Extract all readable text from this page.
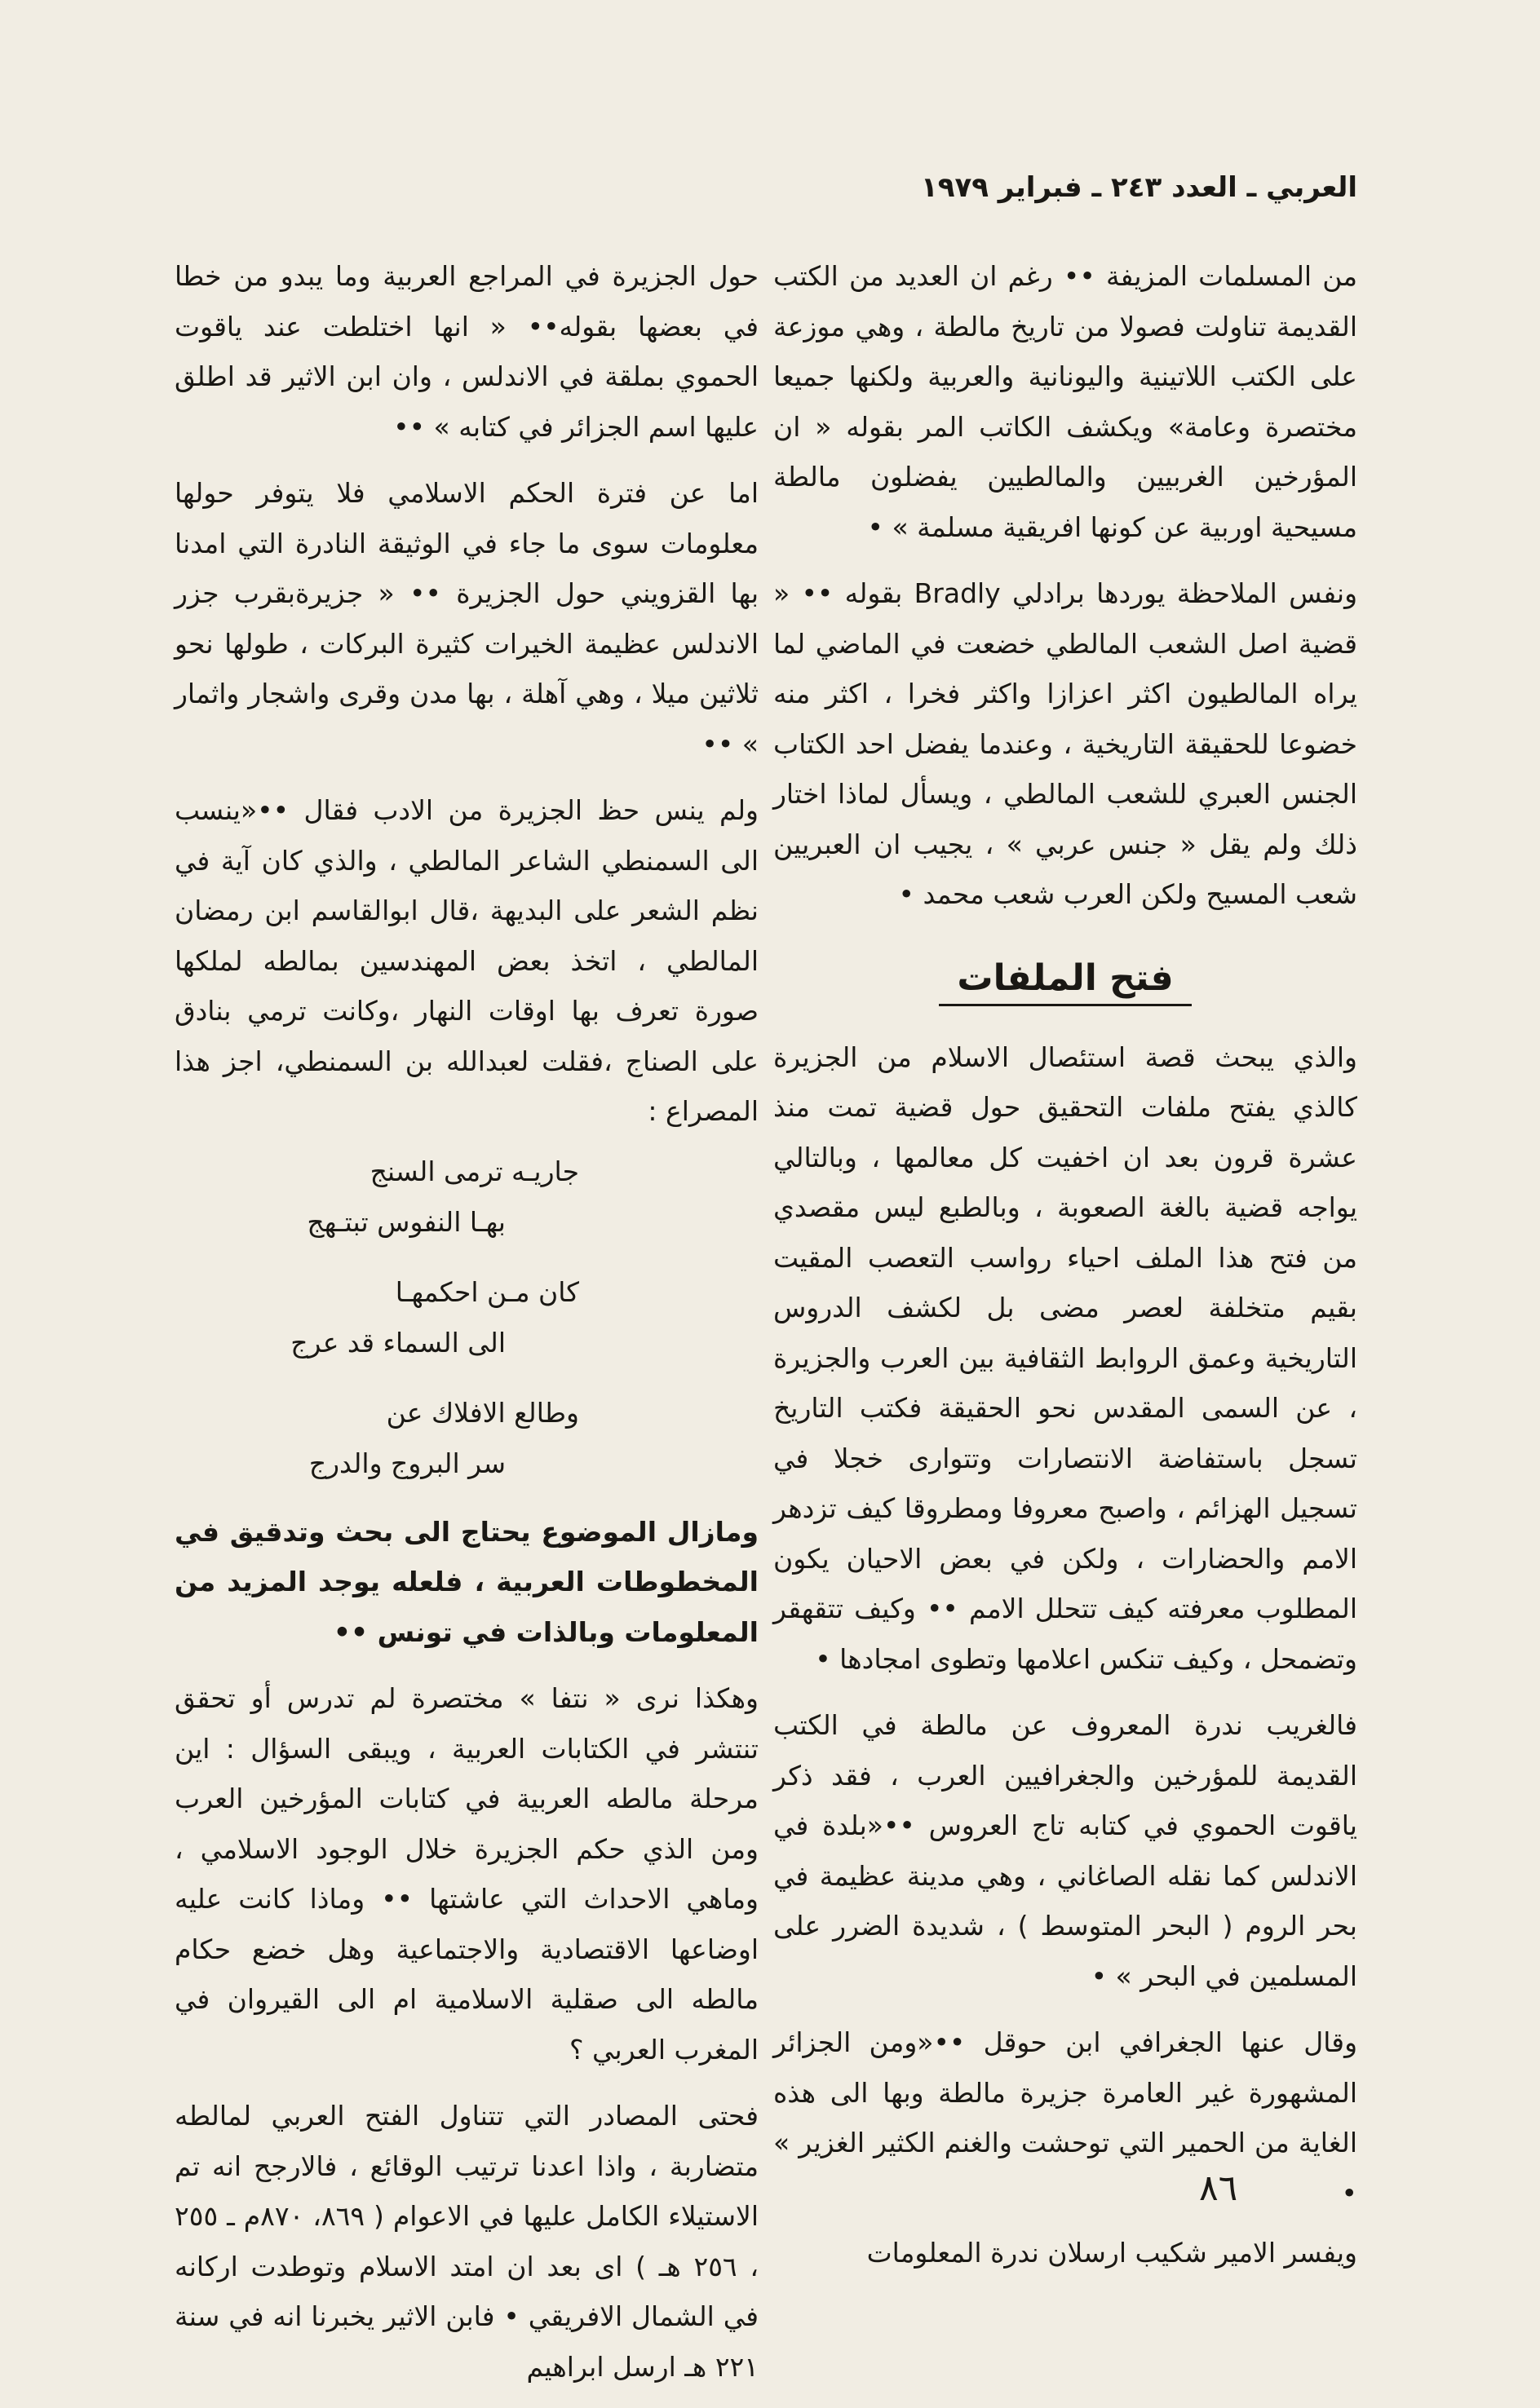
العربي ـ العدد ٢٤٣ ـ فبراير ١٩٧٩

من المسلمات المزيفة •• رغم ان العديد من الكتب القديمة تناولت فصولا من تاريخ مالطة ، وهي موزعة على الكتب اللاتينية واليونانية والعربية ولكنها جميعا مختصرة وعامة» ويكشف الكاتب المر بقوله « ان المؤرخين الغربيين والمالطيين يفضلون مالطة مسيحية اوربية عن كونها افريقية مسلمة » •

ونفس الملاحظة يوردها برادلي Bradly بقوله •• « قضية اصل الشعب المالطي خضعت في الماضي لما يراه المالطيون اكثر اعزازا واكثر فخرا ، اكثر منه خضوعا للحقيقة التاريخية ، وعندما يفضل احد الكتاب الجنس العبري للشعب المالطي ، ويسأل لماذا اختار ذلك ولم يقل « جنس عربي » ، يجيب ان العبريين شعب المسيح ولكن العرب شعب محمد •

فتح الملفات

والذي يبحث قصة استئصال الاسلام من الجزيرة كالذي يفتح ملفات التحقيق حول قضية تمت منذ عشرة قرون بعد ان اخفيت كل معالمها ، وبالتالي يواجه قضية بالغة الصعوبة ، وبالطبع ليس مقصدي من فتح هذا الملف احياء رواسب التعصب المقيت بقيم متخلفة لعصر مضى بل لكشف الدروس التاريخية وعمق الروابط الثقافية بين العرب والجزيرة ، عن السمى المقدس نحو الحقيقة فكتب التاريخ تسجل باستفاضة الانتصارات وتتوارى خجلا في تسجيل الهزائم ، واصبح معروفا ومطروقا كيف تزدهر الامم والحضارات ، ولكن في بعض الاحيان يكون المطلوب معرفته كيف تتحلل الامم •• وكيف تتقهقر وتضمحل ، وكيف تنكس اعلامها وتطوى امجادها •

فالغريب ندرة المعروف عن مالطة في الكتب القديمة للمؤرخين والجغرافيين العرب ، فقد ذكر ياقوت الحموي في كتابه تاج العروس ••«بلدة في الاندلس كما نقله الصاغاني ، وهي مدينة عظيمة في بحر الروم ( البحر المتوسط ) ، شديدة الضرر على المسلمين في البحر » •

وقال عنها الجغرافي ابن حوقل ••«ومن الجزائر المشهورة غير العامرة جزيرة مالطة وبها الى هذه الغاية من الحمير التي توحشت والغنم الكثير الغزير » •

ويفسر الامير شكيب ارسلان ندرة المعلومات

حول الجزيرة في المراجع العربية وما يبدو من خطا في بعضها بقوله•• « انها اختلطت عند ياقوت الحموي بملقة في الاندلس ، وان ابن الاثير قد اطلق عليها اسم الجزائر في كتابه » ••

اما عن فترة الحكم الاسلامي فلا يتوفر حولها معلومات سوى ما جاء في الوثيقة النادرة التي امدنا بها القزويني حول الجزيرة •• « جزيرةبقرب جزر الاندلس عظيمة الخيرات كثيرة البركات ، طولها نحو ثلاثين ميلا ، وهي آهلة ، بها مدن وقرى واشجار واثمار » ••

ولم ينس حظ الجزيرة من الادب فقال ••«ينسب الى السمنطي الشاعر المالطي ، والذي كان آية في نظم الشعر على البديهة ،قال ابوالقاسم ابن رمضان المالطي ، اتخذ بعض المهندسين بمالطه لملكها صورة تعرف بها اوقات النهار ،وكانت ترمي بنادق على الصناج ،فقلت لعبدالله بن السمنطي، اجز هذا المصراع :

جاريـه ترمى السنج
بهـا النفوس تبتـهج
كان مـن احكمهـا
الى السماء قد عرج
وطالع الافلاك عن
سر البروج والدرج

ومازال الموضوع يحتاج الى بحث وتدقيق في المخطوطات العربية ، فلعله يوجد المزيد من المعلومات وبالذات في تونس ••

وهكذا نرى « نتفا » مختصرة لم تدرس أو تحقق تنتشر في الكتابات العربية ، ويبقى السؤال : اين مرحلة مالطه العربية في كتابات المؤرخين العرب ومن الذي حكم الجزيرة خلال الوجود الاسلامي ، وماهي الاحداث التي عاشتها •• وماذا كانت عليه اوضاعها الاقتصادية والاجتماعية وهل خضع حكام مالطه الى صقلية الاسلامية ام الى القيروان في المغرب العربي ؟

فحتى المصادر التي تتناول الفتح العربي لمالطه متضاربة ، واذا اعدنا ترتيب الوقائع ، فالارجح انه تم الاستيلاء الكامل عليها في الاعوام ( ٨٦٩، ٨٧٠م ـ ٢٥٥ ، ٢٥٦ هـ ) اى بعد ان امتد الاسلام وتوطدت اركانه في الشمال الافريقي • فابن الاثير يخبرنا انه في سنة ٢٢١ هـ ارسل ابراهيم

٨٦
